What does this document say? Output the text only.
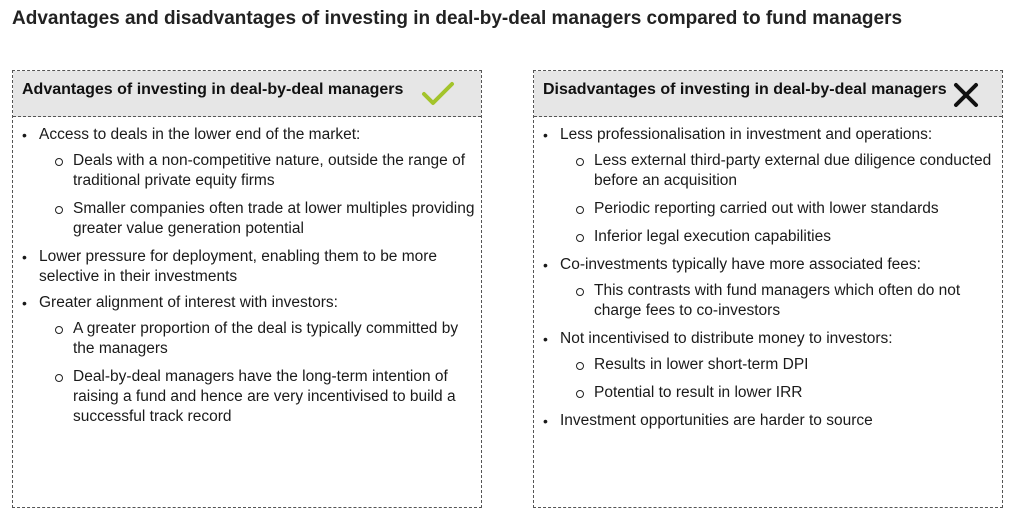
Advantages and disadvantages of investing in deal-by-deal managers compared to fund managers
Advantages of investing in deal-by-deal managers
• Access to deals in the lower end of the market:
Deals with a non-competitive nature, outside the range of traditional private equity firms
Smaller companies often trade at lower multiples providing greater value generation potential
• Lower pressure for deployment, enabling them to be more selective in their investments
• Greater alignment of interest with investors:
A greater proportion of the deal is typically committed by the managers
Deal-by-deal managers have the long-term intention of raising a fund and hence are very incentivised to build a successful track record
Disadvantages of investing in deal-by-deal managers
• Less professionalisation in investment and operations:
Less external third-party external due diligence conducted before an acquisition
Periodic reporting carried out with lower standards
Inferior legal execution capabilities
• Co-investments typically have more associated fees:
This contrasts with fund managers which often do not charge fees to co-investors
• Not incentivised to distribute money to investors:
Results in lower short-term DPI
Potential to result in lower IRR
• Investment opportunities are harder to source
